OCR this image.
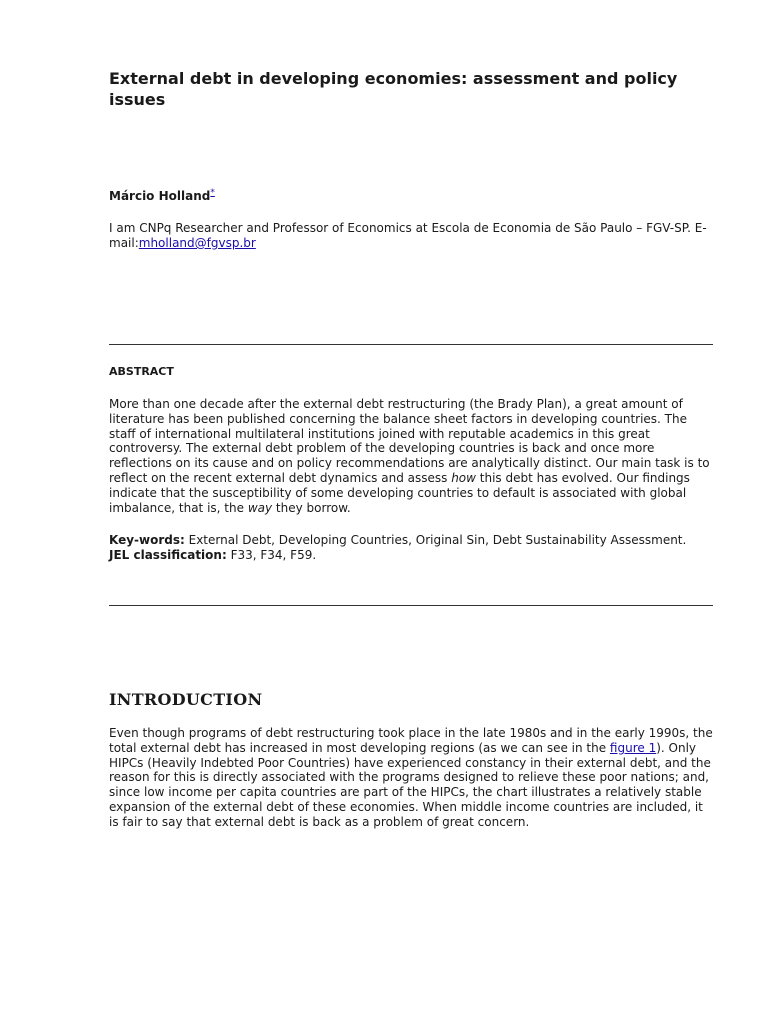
External debt in developing economies: assessment and policy issues

Márcio Holland*

I am CNPq Researcher and Professor of Economics at Escola de Economia de São Paulo – FGV-SP. E-mail:mholland@fgvsp.br

ABSTRACT

More than one decade after the external debt restructuring (the Brady Plan), a great amount of literature has been published concerning the balance sheet factors in developing countries. The staff of international multilateral institutions joined with reputable academics in this great controversy. The external debt problem of the developing countries is back and once more reflections on its cause and on policy recommendations are analytically distinct. Our main task is to reflect on the recent external debt dynamics and assess how this debt has evolved. Our findings indicate that the susceptibility of some developing countries to default is associated with global imbalance, that is, the way they borrow.

Key-words: External Debt, Developing Countries, Original Sin, Debt Sustainability Assessment.
JEL classification: F33, F34, F59.

INTRODUCTION

Even though programs of debt restructuring took place in the late 1980s and in the early 1990s, the total external debt has increased in most developing regions (as we can see in the figure 1). Only HIPCs (Heavily Indebted Poor Countries) have experienced constancy in their external debt, and the reason for this is directly associated with the programs designed to relieve these poor nations; and, since low income per capita countries are part of the HIPCs, the chart illustrates a relatively stable expansion of the external debt of these economies. When middle income countries are included, it is fair to say that external debt is back as a problem of great concern.
